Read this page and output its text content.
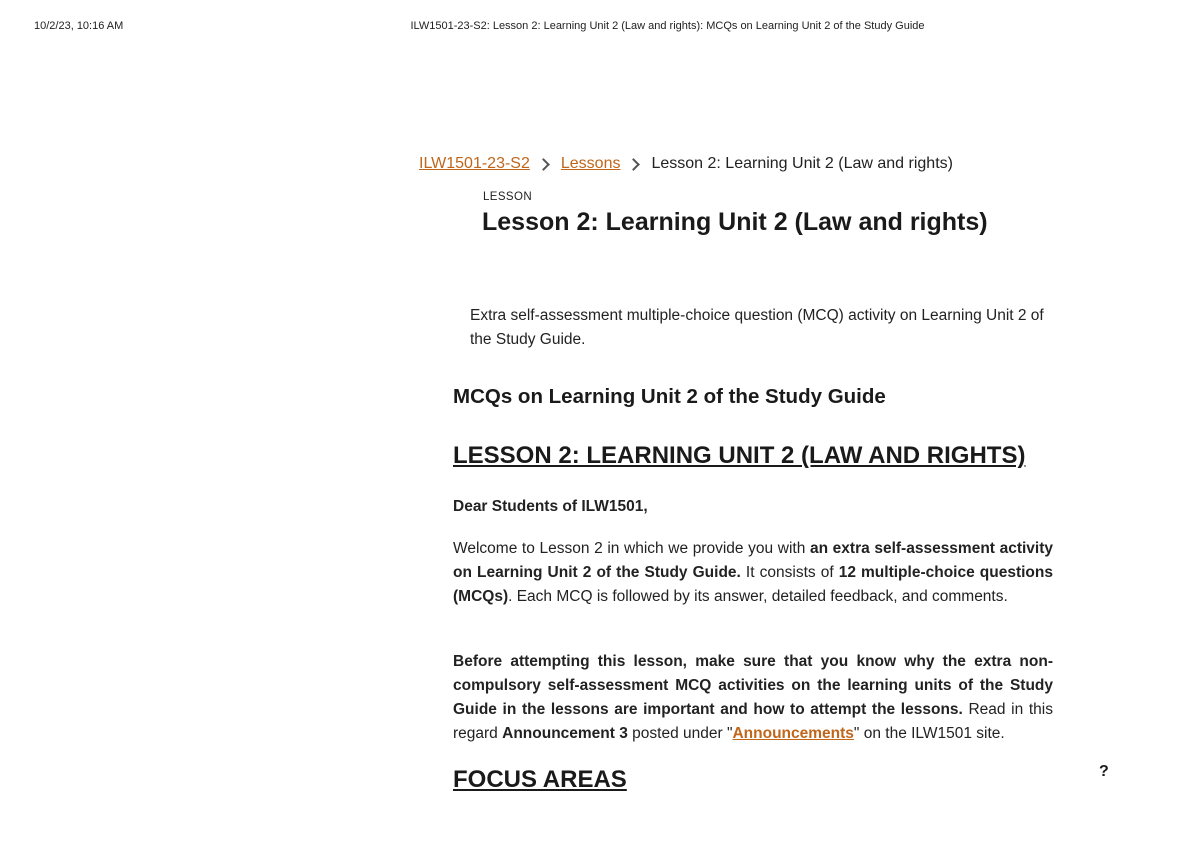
10/2/23, 10:16 AM	ILW1501-23-S2: Lesson 2: Learning Unit 2 (Law and rights): MCQs on Learning Unit 2 of the Study Guide
ILW1501-23-S2 Lessons Lesson 2: Learning Unit 2 (Law and rights)
LESSON
Lesson 2: Learning Unit 2 (Law and rights)

Extra self-assessment multiple-choice question (MCQ) activity on Learning Unit 2 of the Study Guide.

MCQs on Learning Unit 2 of the Study Guide
LESSON 2: LEARNING UNIT 2 (LAW AND RIGHTS)

Dear Students of ILW1501,

Welcome to Lesson 2 in which we provide you with an extra self-assessment activity on Learning Unit 2 of the Study Guide. It consists of 12 multiple-choice questions (MCQs). Each MCQ is followed by its answer, detailed feedback, and comments.

Before attempting this lesson, make sure that you know why the extra non-compulsory self-assessment MCQ activities on the learning units of the Study Guide in the lessons are important and how to attempt the lessons. Read in this regard Announcement 3 posted under "Announcements" on the ILW1501 site.

FOCUS AREAS	?
